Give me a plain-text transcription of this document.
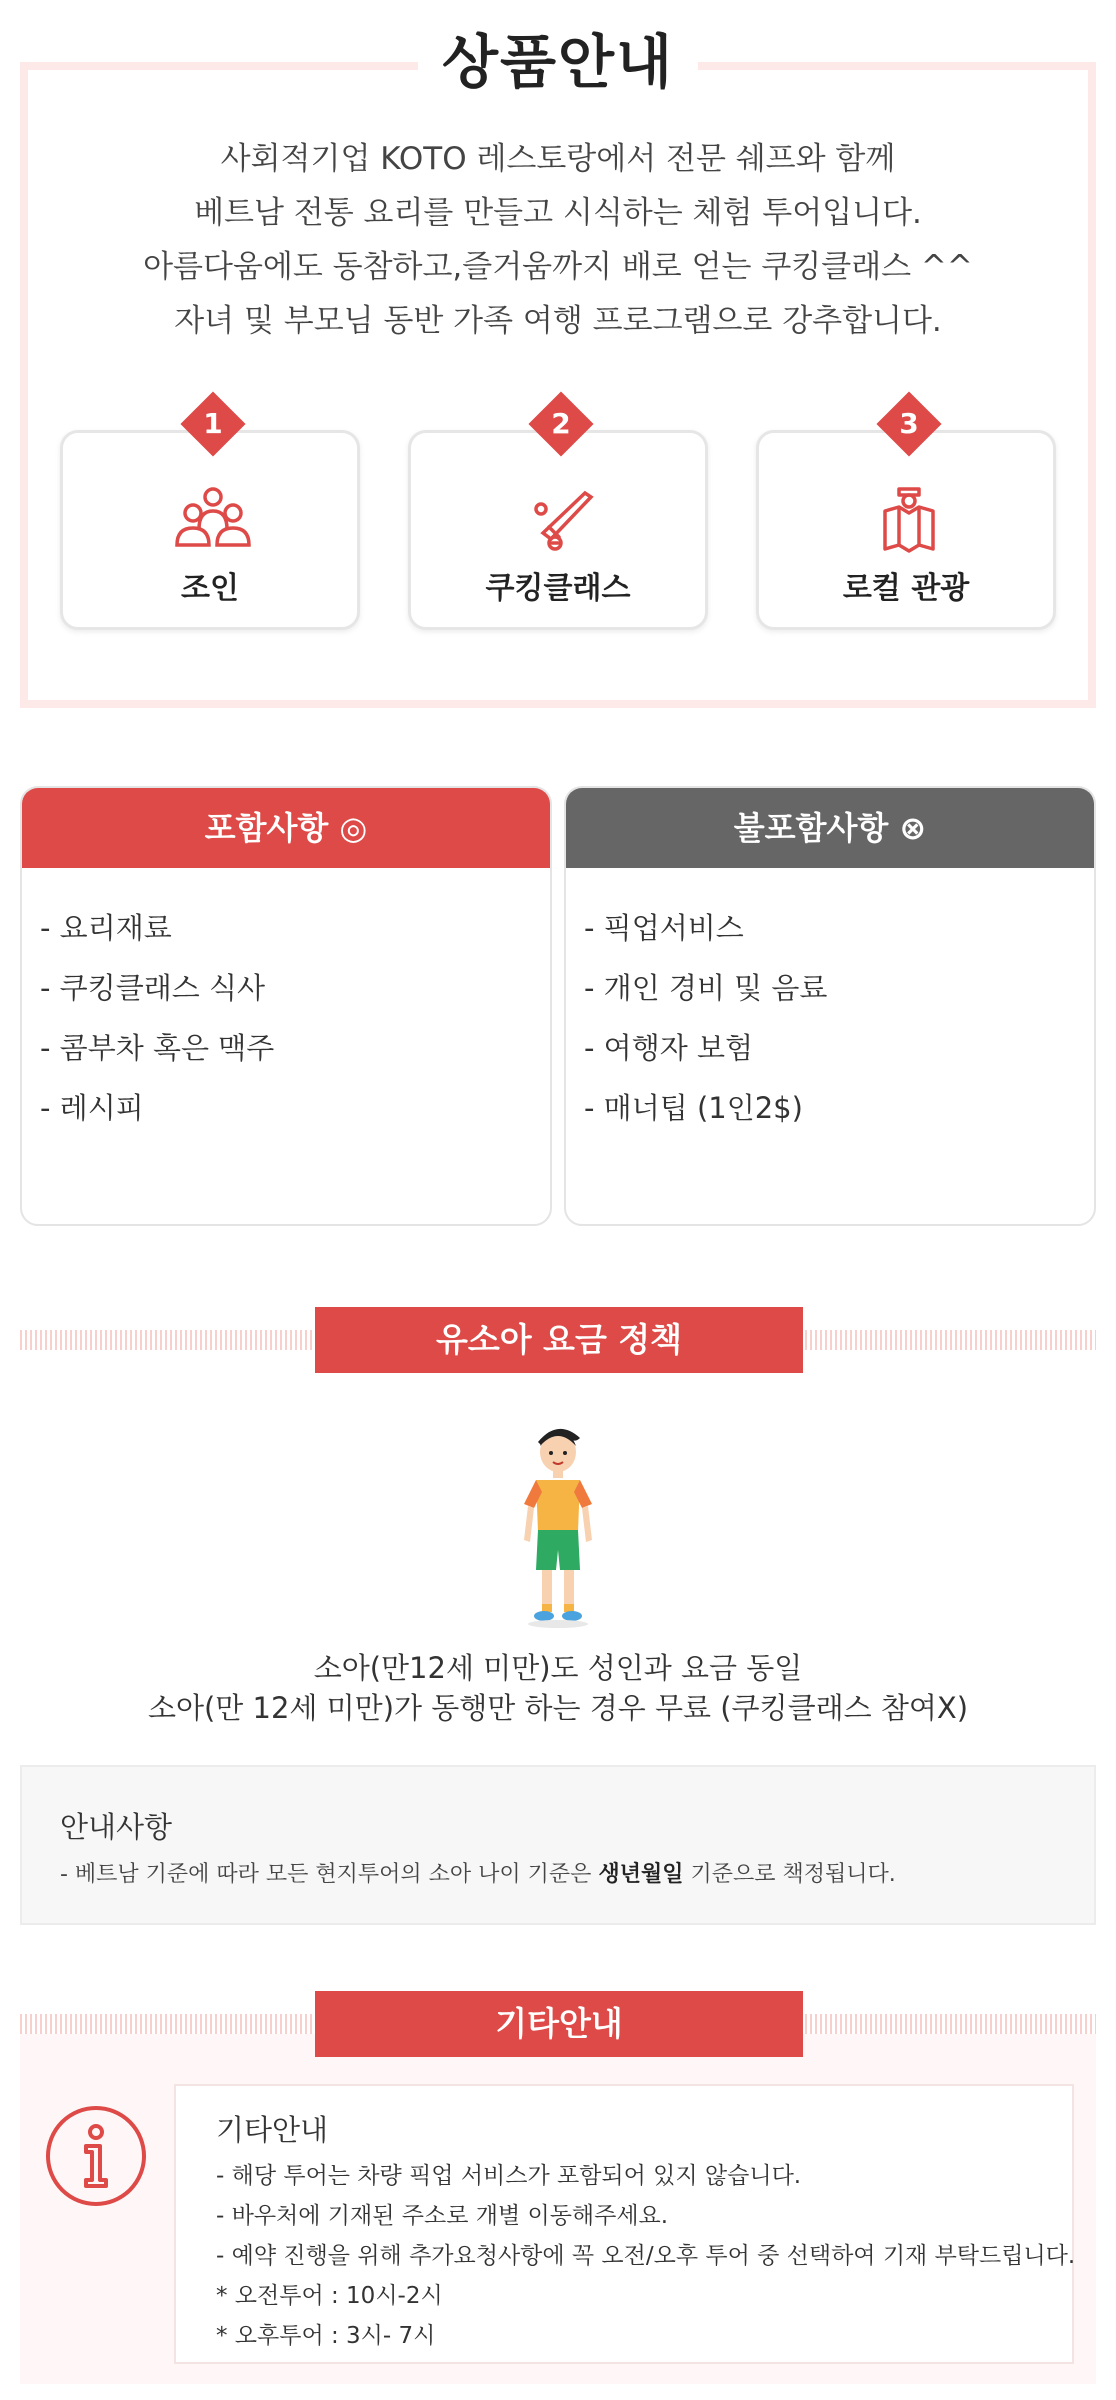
상품안내
사회적기업 KOTO 레스토랑에서 전문 쉐프와 함께
베트남 전통 요리를 만들고 시식하는 체험 투어입니다.
아름다움에도 동참하고,즐거움까지 배로 얻는 쿠킹클래스 ^^
자녀 및 부모님 동반 가족 여행 프로그램으로 강추합니다.
1
조인
2
쿠킹클래스
3
로컬 관광
포함사항 ◎
- 요리재료
- 쿠킹클래스 식사
- 콤부차 혹은 맥주
- 레시피
불포함사항 ⊗
- 픽업서비스
- 개인 경비 및 음료
- 여행자 보험
- 매너팁 (1인2$)
유소아 요금 정책
소아(만12세 미만)도 성인과 요금 동일
소아(만 12세 미만)가 동행만 하는 경우 무료 (쿠킹클래스 참여X)
안내사항
- 베트남 기준에 따라 모든 현지투어의 소아 나이 기준은 생년월일 기준으로 책정됩니다.
기타안내
기타안내
- 해당 투어는 차량 픽업 서비스가 포함되어 있지 않습니다.
- 바우처에 기재된 주소로 개별 이동해주세요.
- 예약 진행을 위해 추가요청사항에 꼭 오전/오후 투어 중 선택하여 기재 부탁드립니다.
* 오전투어 : 10시-2시
* 오후투어 : 3시- 7시
